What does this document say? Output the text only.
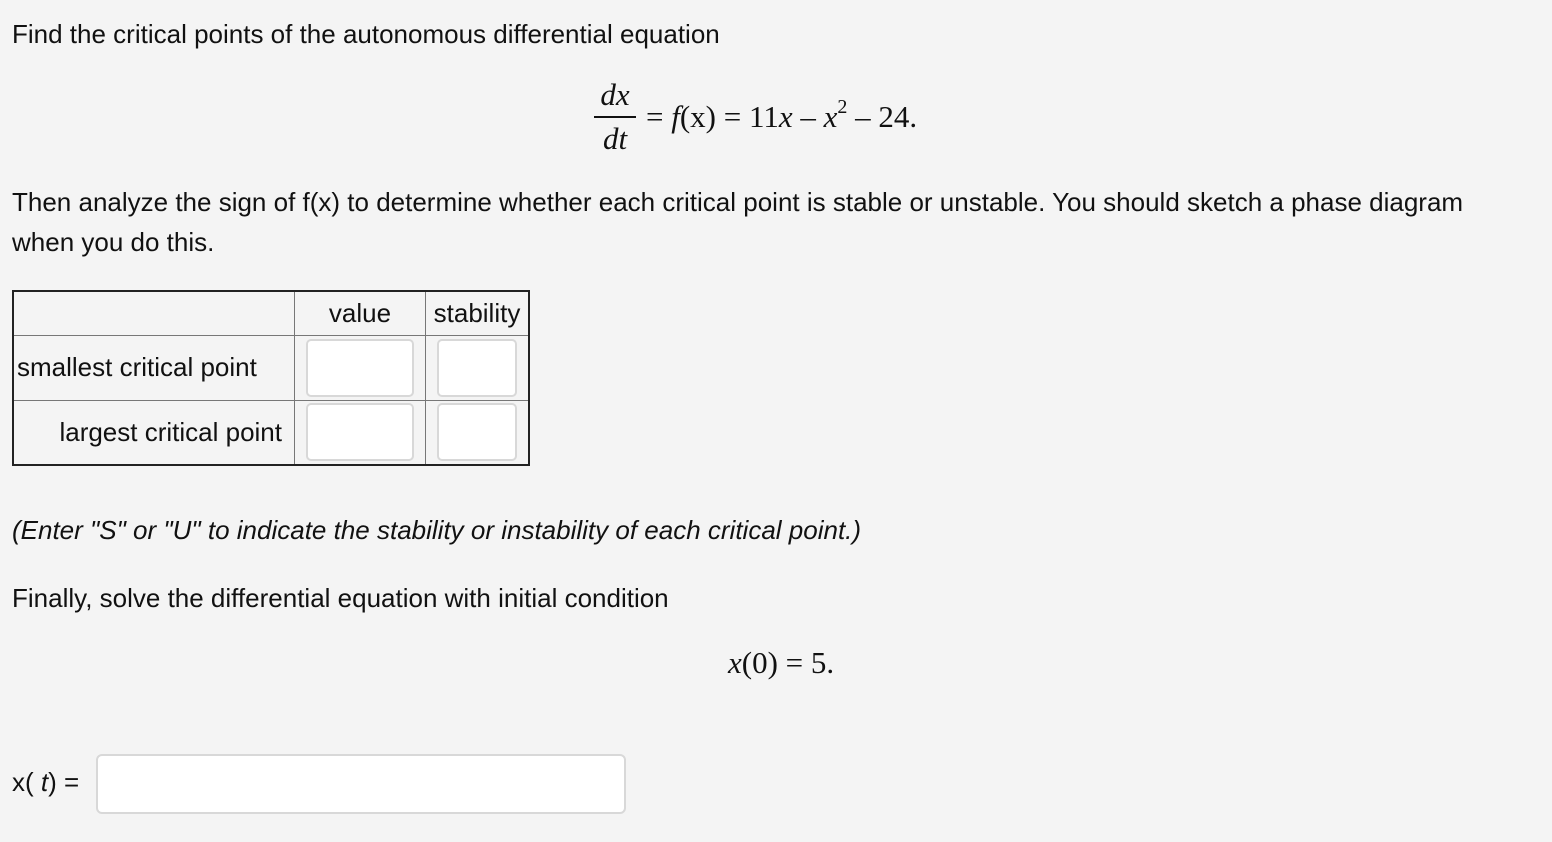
Find the critical points of the autonomous differential equation
dx
dt
= $f(x) = 11x - x^2 - 24$.
Then analyze the sign of f(x) to determine whether each critical point is stable or unstable. You should sketch a phase diagram when you do this.
	value	stability
smallest critical point	

largest critical point	

(Enter "S" or "U" to indicate the stability or instability of each critical point.)
Finally, solve the differential equation with initial condition
x(0) = 5.
x( t) =
